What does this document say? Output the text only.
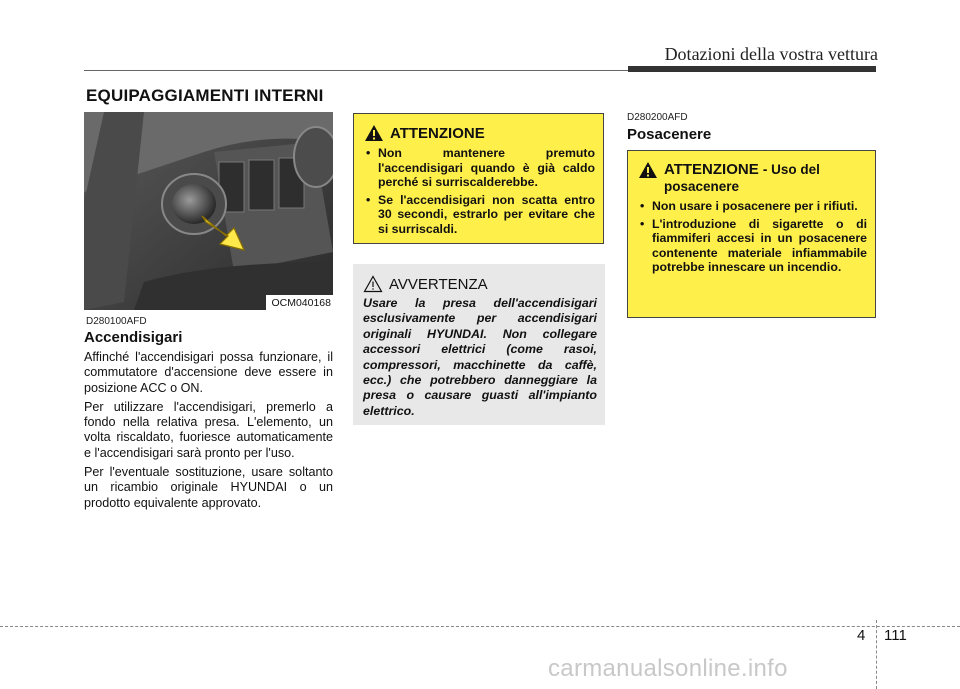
Dotazioni della vostra vettura
EQUIPAGGIAMENTI INTERNI
OCM040168
D280100AFD
Accendisigari

Affinché l'accendisigari possa funzionare, il commutatore d'accensione deve essere in posizione ACC o ON.

Per utilizzare l'accendisigari, premerlo a fondo nella relativa presa. L'elemento, un volta riscaldato, fuoriesce automaticamente e l'accendisigari sarà pronto per l'uso.

Per l'eventuale sostituzione, usare soltanto un ricambio originale HYUNDAI o un prodotto equivalente approvato.

ATTENZIONE
• Non mantenere premuto l'accendisigari quando è già caldo perché si surriscalderebbe.
• Se l'accendisigari non scatta entro 30 secondi, estrarlo per evitare che si surriscaldi.
AVVERTENZA
Usare la presa dell'accendisigari esclusivamente per accendisigari originali HYUNDAI. Non collegare accessori elettrici (come rasoi, compressori, macchinette da caffè, ecc.) che potrebbero danneggiare la presa o causare guasti all'impianto elettrico.
D280200AFD
Posacenere
ATTENZIONE - Uso del posacenere
• Non usare i posacenere per i rifiuti.
• L'introduzione di sigarette o di fiammiferi accesi in un posacenere contenente materiale infiammabile potrebbe innescare un incendio.
4 111
carmanualsonline.info
